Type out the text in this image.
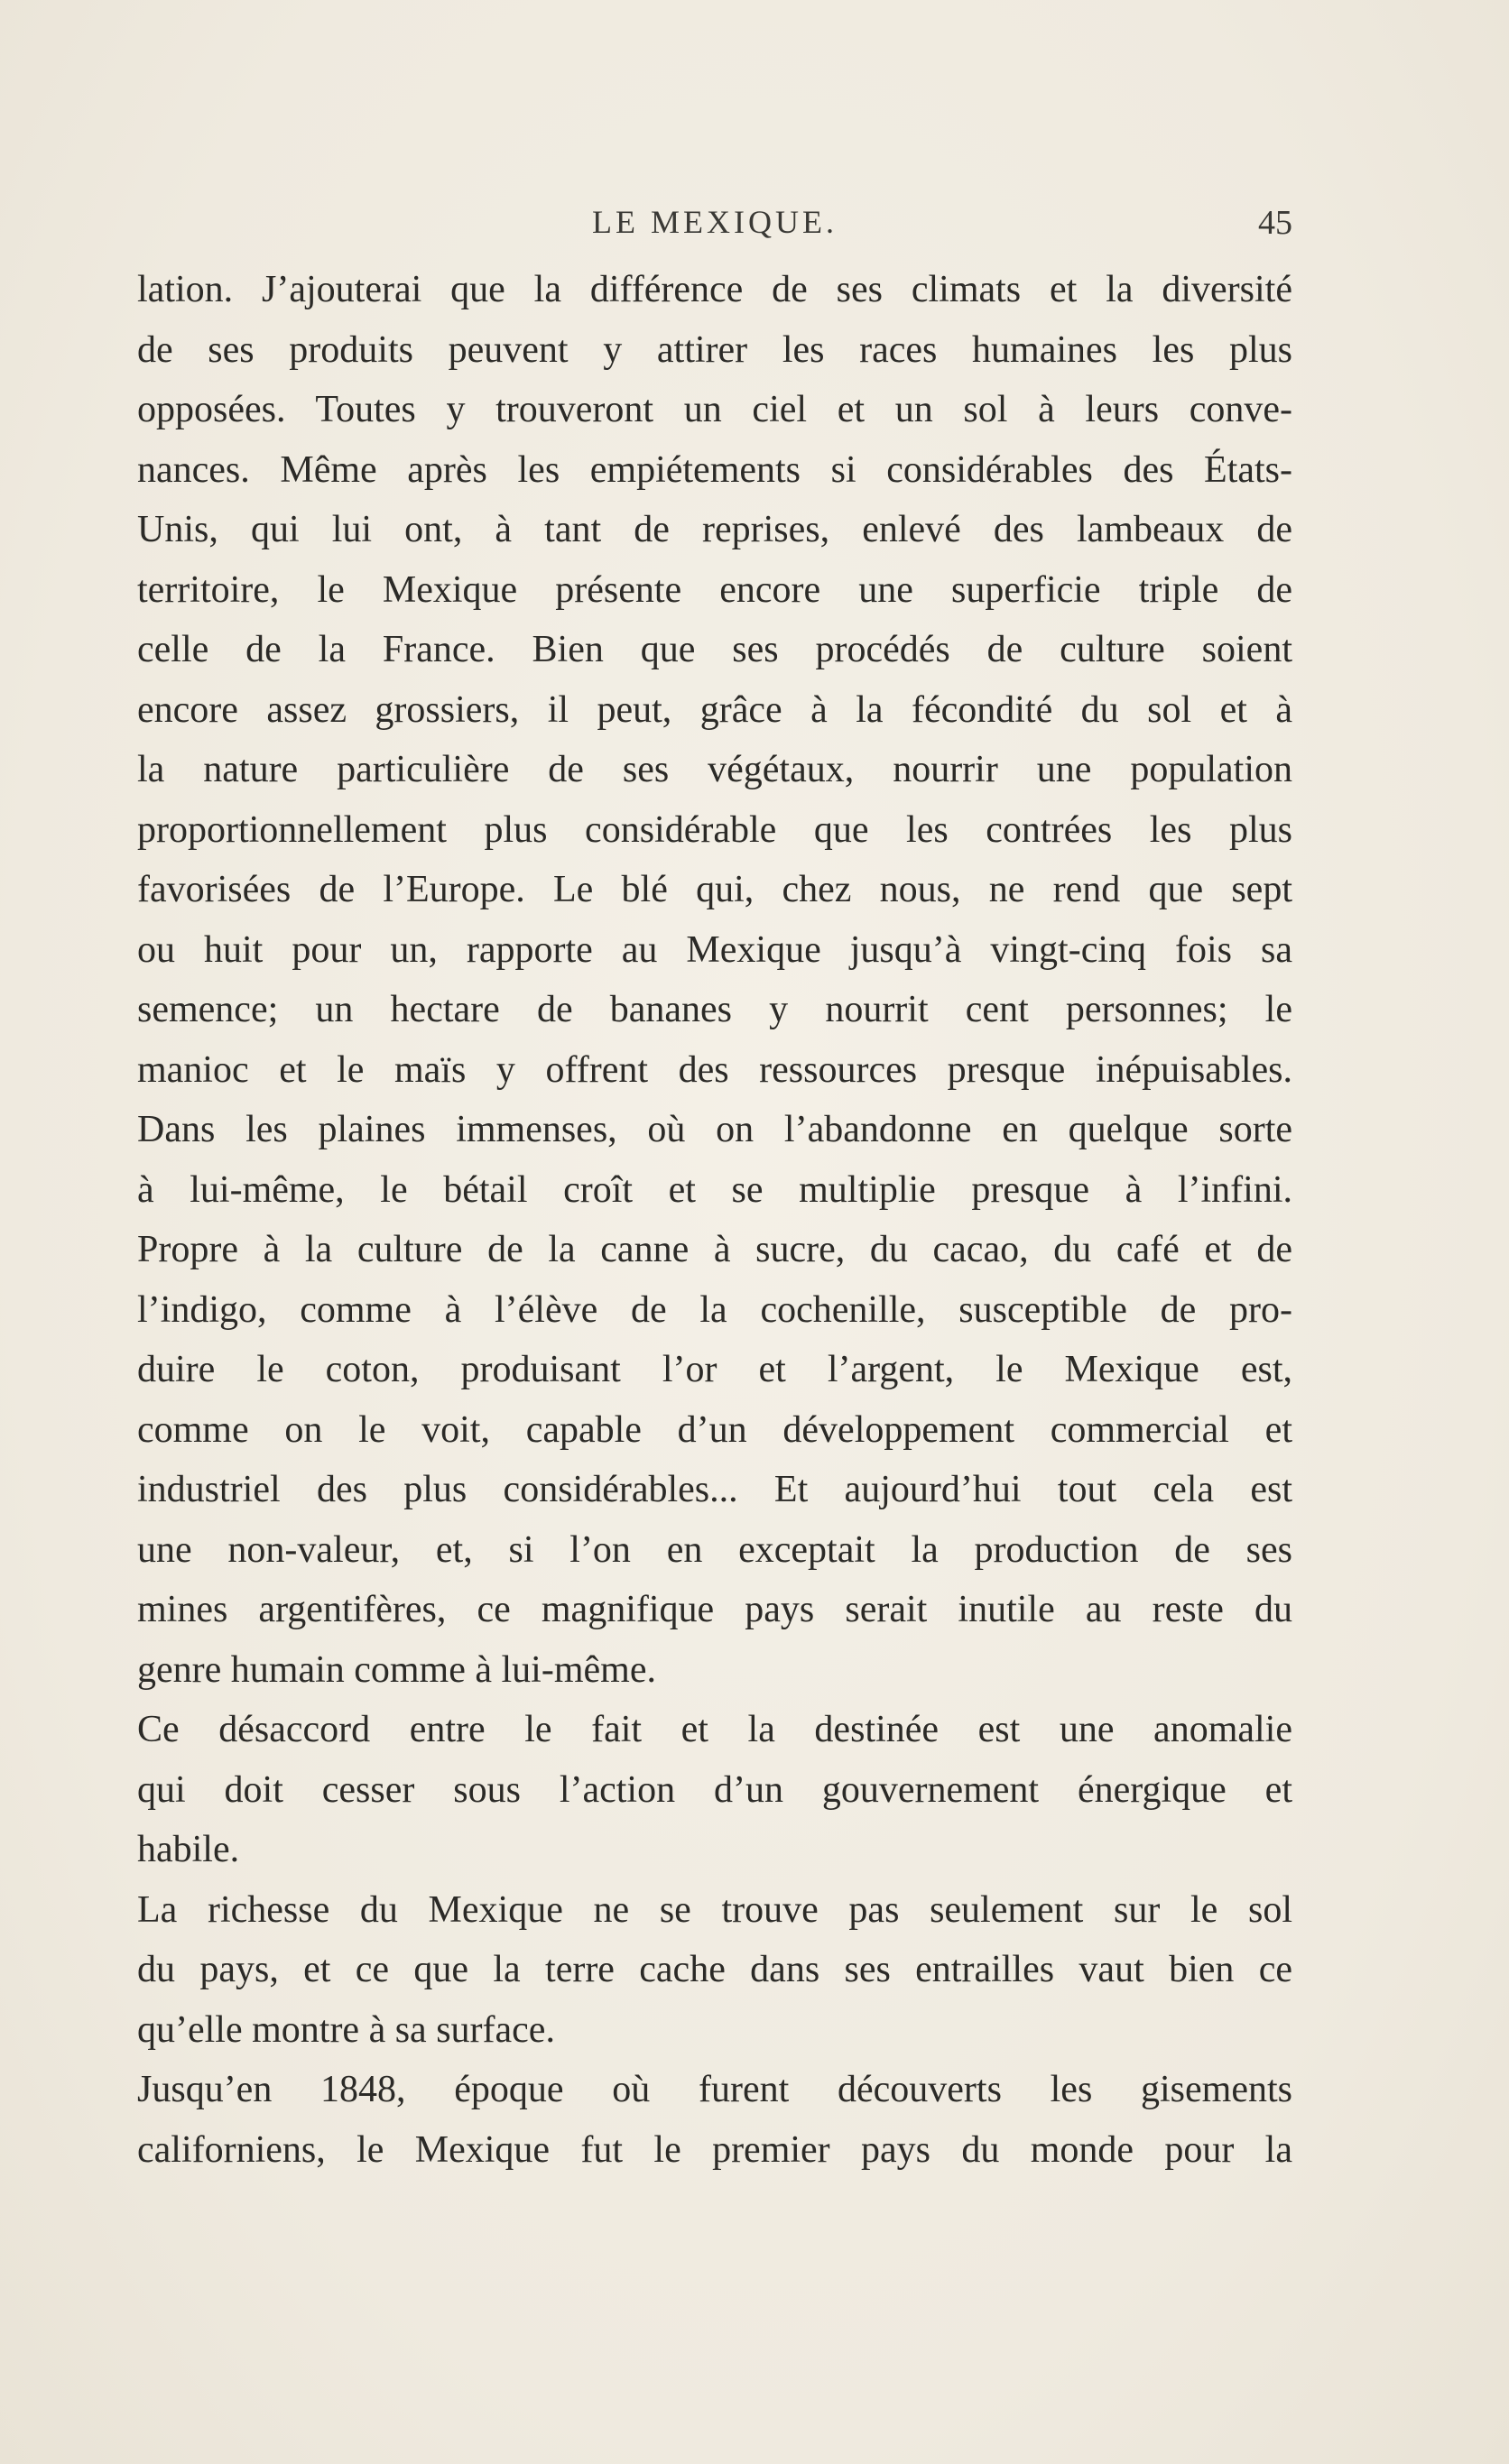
LE MEXIQUE.	45
lation. J’ajouterai que la différence de ses climats et la diversité
de ses produits peuvent y attirer les races humaines les plus
opposées. Toutes y trouveront un ciel et un sol à leurs conve-
nances. Même après les empiétements si considérables des États-
Unis, qui lui ont, à tant de reprises, enlevé des lambeaux de
territoire, le Mexique présente encore une superficie triple de
celle de la France. Bien que ses procédés de culture soient
encore assez grossiers, il peut, grâce à la fécondité du sol et à
la nature particulière de ses végétaux, nourrir une population
proportionnellement plus considérable que les contrées les plus
favorisées de l’Europe. Le blé qui, chez nous, ne rend que sept
ou huit pour un, rapporte au Mexique jusqu’à vingt-cinq fois sa
semence; un hectare de bananes y nourrit cent personnes; le
manioc et le maïs y offrent des ressources presque inépuisables.
Dans les plaines immenses, où on l’abandonne en quelque sorte
à lui-même, le bétail croît et se multiplie presque à l’infini.
Propre à la culture de la canne à sucre, du cacao, du café et de
l’indigo, comme à l’élève de la cochenille, susceptible de pro-
duire le coton, produisant l’or et l’argent, le Mexique est,
comme on le voit, capable d’un développement commercial et
industriel des plus considérables... Et aujourd’hui tout cela est
une non-valeur, et, si l’on en exceptait la production de ses
mines argentifères, ce magnifique pays serait inutile au reste du
genre humain comme à lui-même.
Ce désaccord entre le fait et la destinée est une anomalie
qui doit cesser sous l’action d’un gouvernement énergique et
habile.
La richesse du Mexique ne se trouve pas seulement sur le sol
du pays, et ce que la terre cache dans ses entrailles vaut bien ce
qu’elle montre à sa surface.
Jusqu’en 1848, époque où furent découverts les gisements
californiens, le Mexique fut le premier pays du monde pour la
